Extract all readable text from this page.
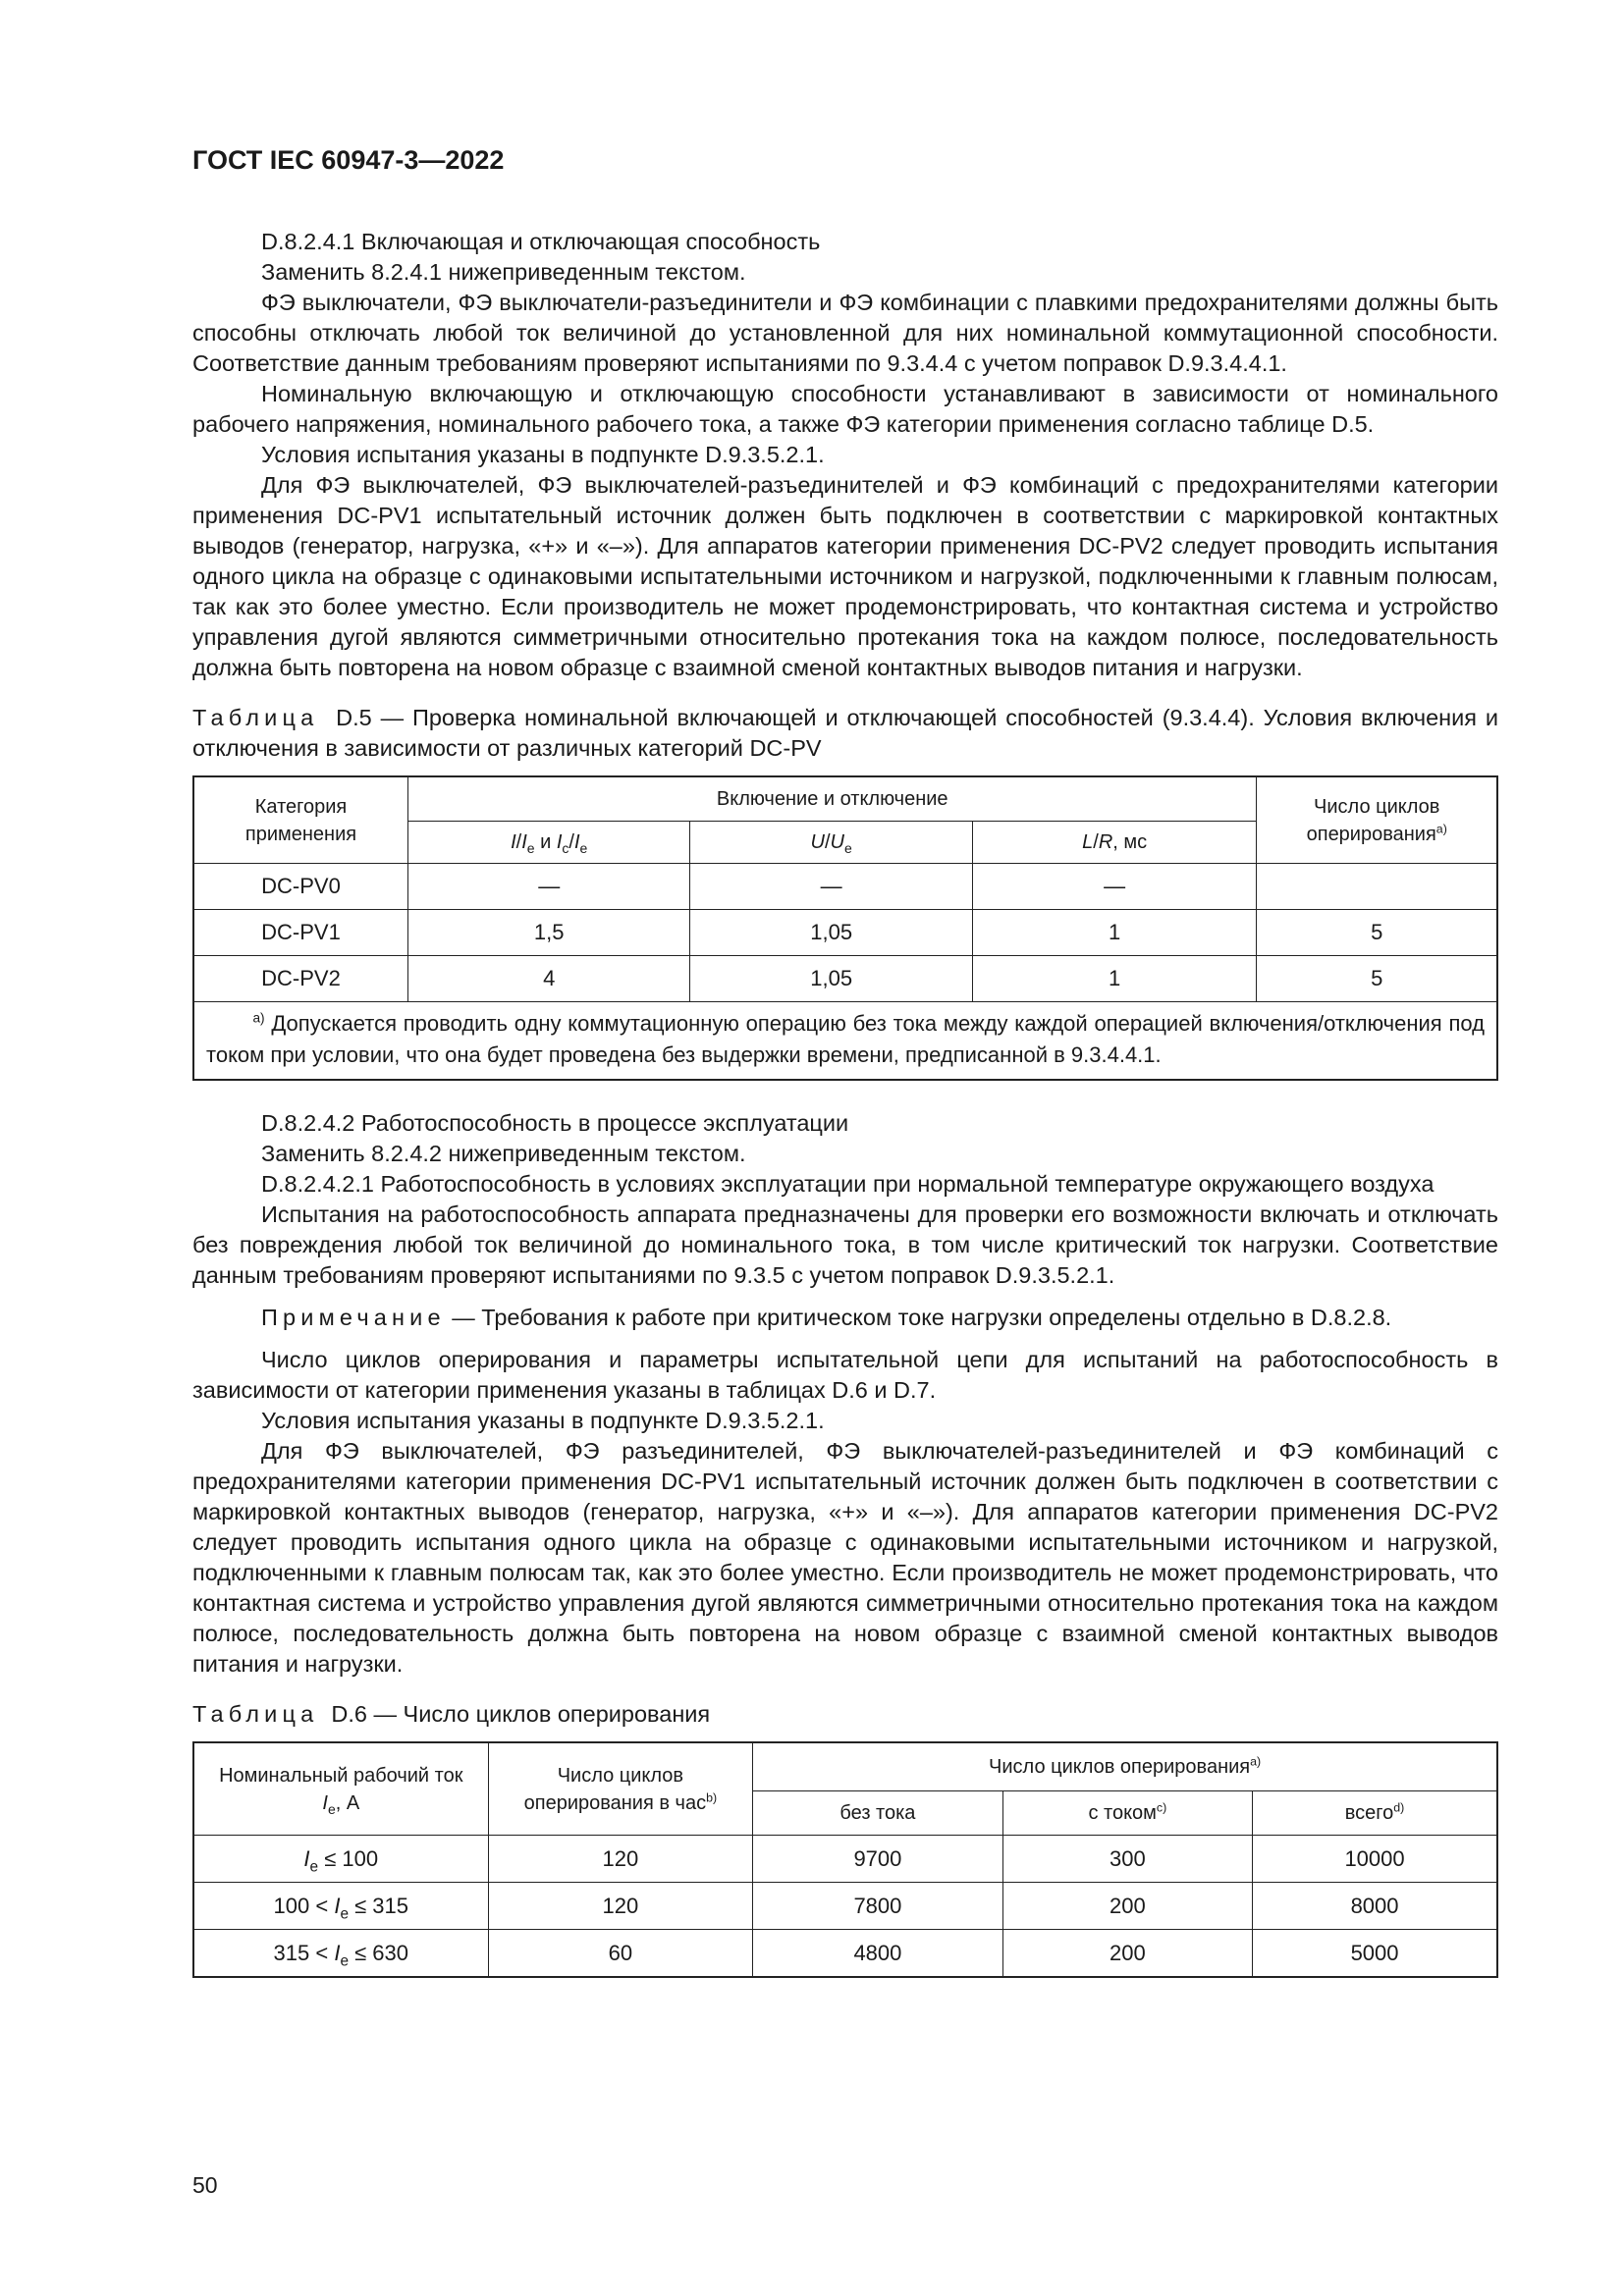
ГОСТ IEC 60947-3—2022

D.8.2.4.1 Включающая и отключающая способность

Заменить 8.2.4.1 нижеприведенным текстом.

ФЭ выключатели, ФЭ выключатели-разъединители и ФЭ комбинации с плавкими предохранителями должны быть способны отключать любой ток величиной до установленной для них номинальной коммутационной способности. Соответствие данным требованиям проверяют испытаниями по 9.3.4.4 с учетом поправок D.9.3.4.4.1.

Номинальную включающую и отключающую способности устанавливают в зависимости от номинального рабочего напряжения, номинального рабочего тока, а также ФЭ категории применения согласно таблице D.5.

Условия испытания указаны в подпункте D.9.3.5.2.1.

Для ФЭ выключателей, ФЭ выключателей-разъединителей и ФЭ комбинаций с предохранителями категории применения DC-PV1 испытательный источник должен быть подключен в соответствии с маркировкой контактных выводов (генератор, нагрузка, «+» и «–»). Для аппаратов категории применения DC-PV2 следует проводить испытания одного цикла на образце с одинаковыми испытательными источником и нагрузкой, подключенными к главным полюсам, так как это более уместно. Если производитель не может продемонстрировать, что контактная система и устройство управления дугой являются симметричными относительно протекания тока на каждом полюсе, последовательность должна быть повторена на новом образце с взаимной сменой контактных выводов питания и нагрузки.

Таблица D.5 — Проверка номинальной включающей и отключающей способностей (9.3.4.4). Условия включения и отключения в зависимости от различных категорий DC-PV

Категория применения	Включение и отключение			Число циклов оперирования$^{a)}$
	$I/I_e$ и $I_c/I_e$	$U/U_e$	L/R, мс	
DC-PV0	—	—	—	
DC-PV1	1,5	1,05	1	5
DC-PV2	4	1,05	1	5
$^{a)}$ Допускается проводить одну коммутационную операцию без тока между каждой операцией включения/отключения под током при условии, что она будет проведена без выдержки времени, предписанной в 9.3.4.4.1.				

D.8.2.4.2 Работоспособность в процессе эксплуатации

Заменить 8.2.4.2 нижеприведенным текстом.

D.8.2.4.2.1 Работоспособность в условиях эксплуатации при нормальной температуре окружающего воздуха

Испытания на работоспособность аппарата предназначены для проверки его возможности включать и отключать без повреждения любой ток величиной до номинального тока, в том числе критический ток нагрузки. Соответствие данным требованиям проверяют испытаниями по 9.3.5 с учетом поправок D.9.3.5.2.1.

Примечание — Требования к работе при критическом токе нагрузки определены отдельно в D.8.2.8.

Число циклов оперирования и параметры испытательной цепи для испытаний на работоспособность в зависимости от категории применения указаны в таблицах D.6 и D.7.

Условия испытания указаны в подпункте D.9.3.5.2.1.

Для ФЭ выключателей, ФЭ разъединителей, ФЭ выключателей-разъединителей и ФЭ комбинаций с предохранителями категории применения DC-PV1 испытательный источник должен быть подключен в соответствии с маркировкой контактных выводов (генератор, нагрузка, «+» и «–»). Для аппаратов категории применения DC-PV2 следует проводить испытания одного цикла на образце с одинаковыми испытательными источником и нагрузкой, подключенными к главным полюсам так, как это более уместно. Если производитель не может продемонстрировать, что контактная система и устройство управления дугой являются симметричными относительно протекания тока на каждом полюсе, последовательность должна быть повторена на новом образце с взаимной сменой контактных выводов питания и нагрузки.

Таблица D.6 — Число циклов оперирования

Номинальный рабочий ток
$I_e$, А	Число циклов оперирования в час$^{b)}$	Число циклов оперирования$^{a)}$
		без тока	с током$^{c)}$	всего$^{d)}$
$I_e \le 100$	120	9700	300	10000
$100 < I_e \le 315$	120	7800	200	8000
$315 < I_e \le 630$	60	4800	200	5000
50
